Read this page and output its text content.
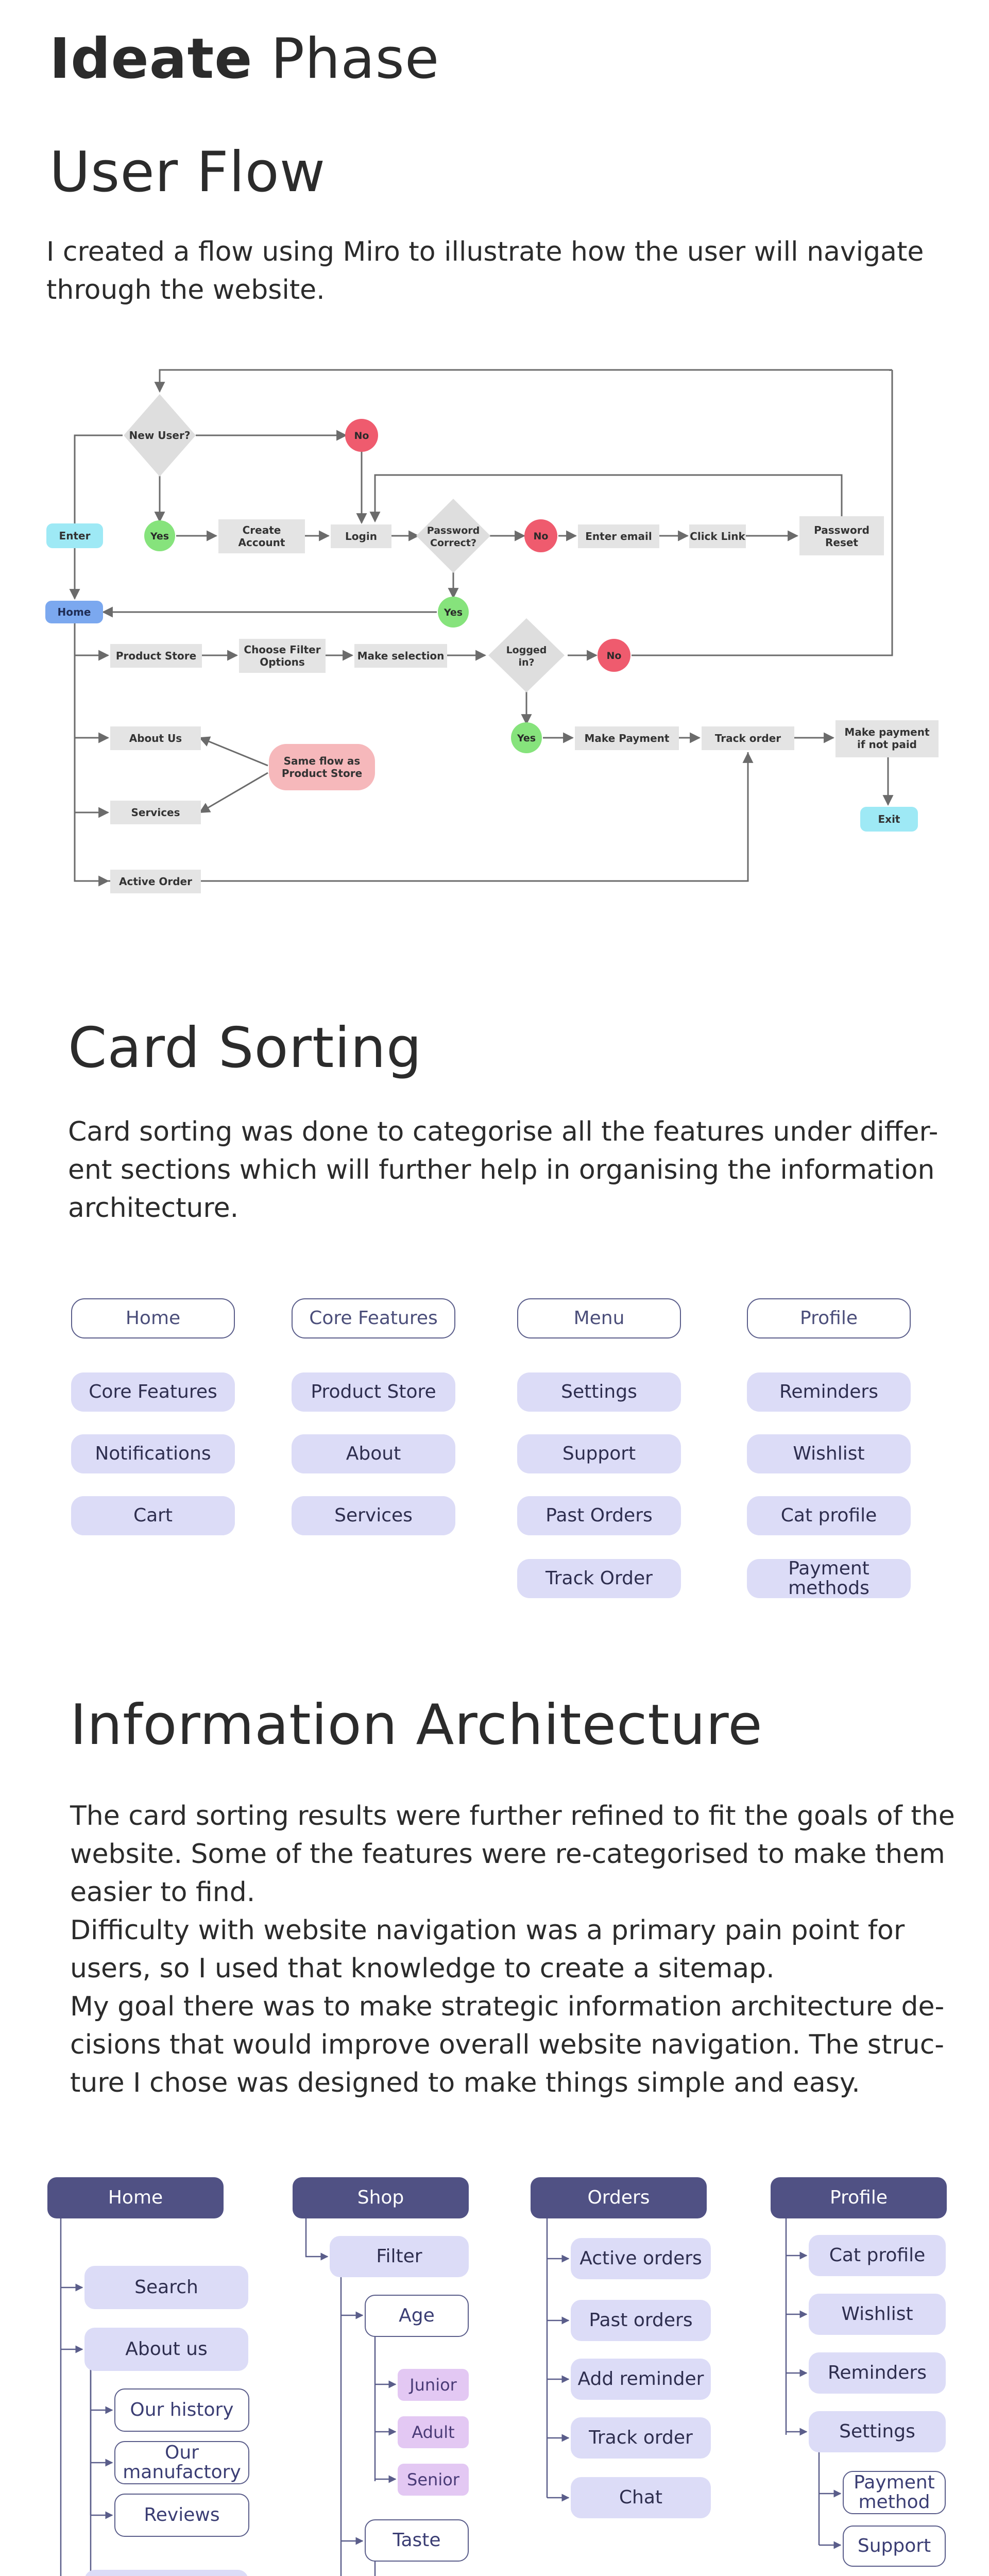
Ideate Phase
User Flow
I created a flow using Miro to illustrate how the user will navigate
through the website.
New User?
Password
Correct?
Logged
in?
No
Yes	No
Yes
No
Yes
Enter
Home
Exit
Create
Account	Login	Enter email	Click Link	Password
Reset
Product Store	Choose Filter
Options	Make selection
About Us
Services
Make Payment	Track order	Make payment
if not paid
Active Order
Same flow as
Product Store
Card Sorting
Card sorting was done to categorise all the features under differ-
ent sections which will further help in organising the information
architecture.
Home
Core Features
Notifications
Cart
Core Features
Product Store
About
Services
Menu
Settings
Support
Past Orders
Track Order
Profile
Reminders
Wishlist
Cat profile
Payment methods
Information Architecture
The card sorting results were further refined to fit the goals of the
website. Some of the features were re-categorised to make them
easier to find.
Difficulty with website navigation was a primary pain point for
users, so I used that knowledge to create a sitemap.
My goal there was to make strategic information architecture de-
cisions that would improve overall website navigation. The struc-
ture I chose was designed to make things simple and easy.
Home
Search
About us
Our history
Our
manufactory
Reviews
Shop
Filter
Age
Junior
Adult
Senior
Taste
Orders
Active orders
Past orders
Add reminder
Track order
Chat
Profile
Cat profile
Wishlist
Reminders
Settings
Payment
method
Support
